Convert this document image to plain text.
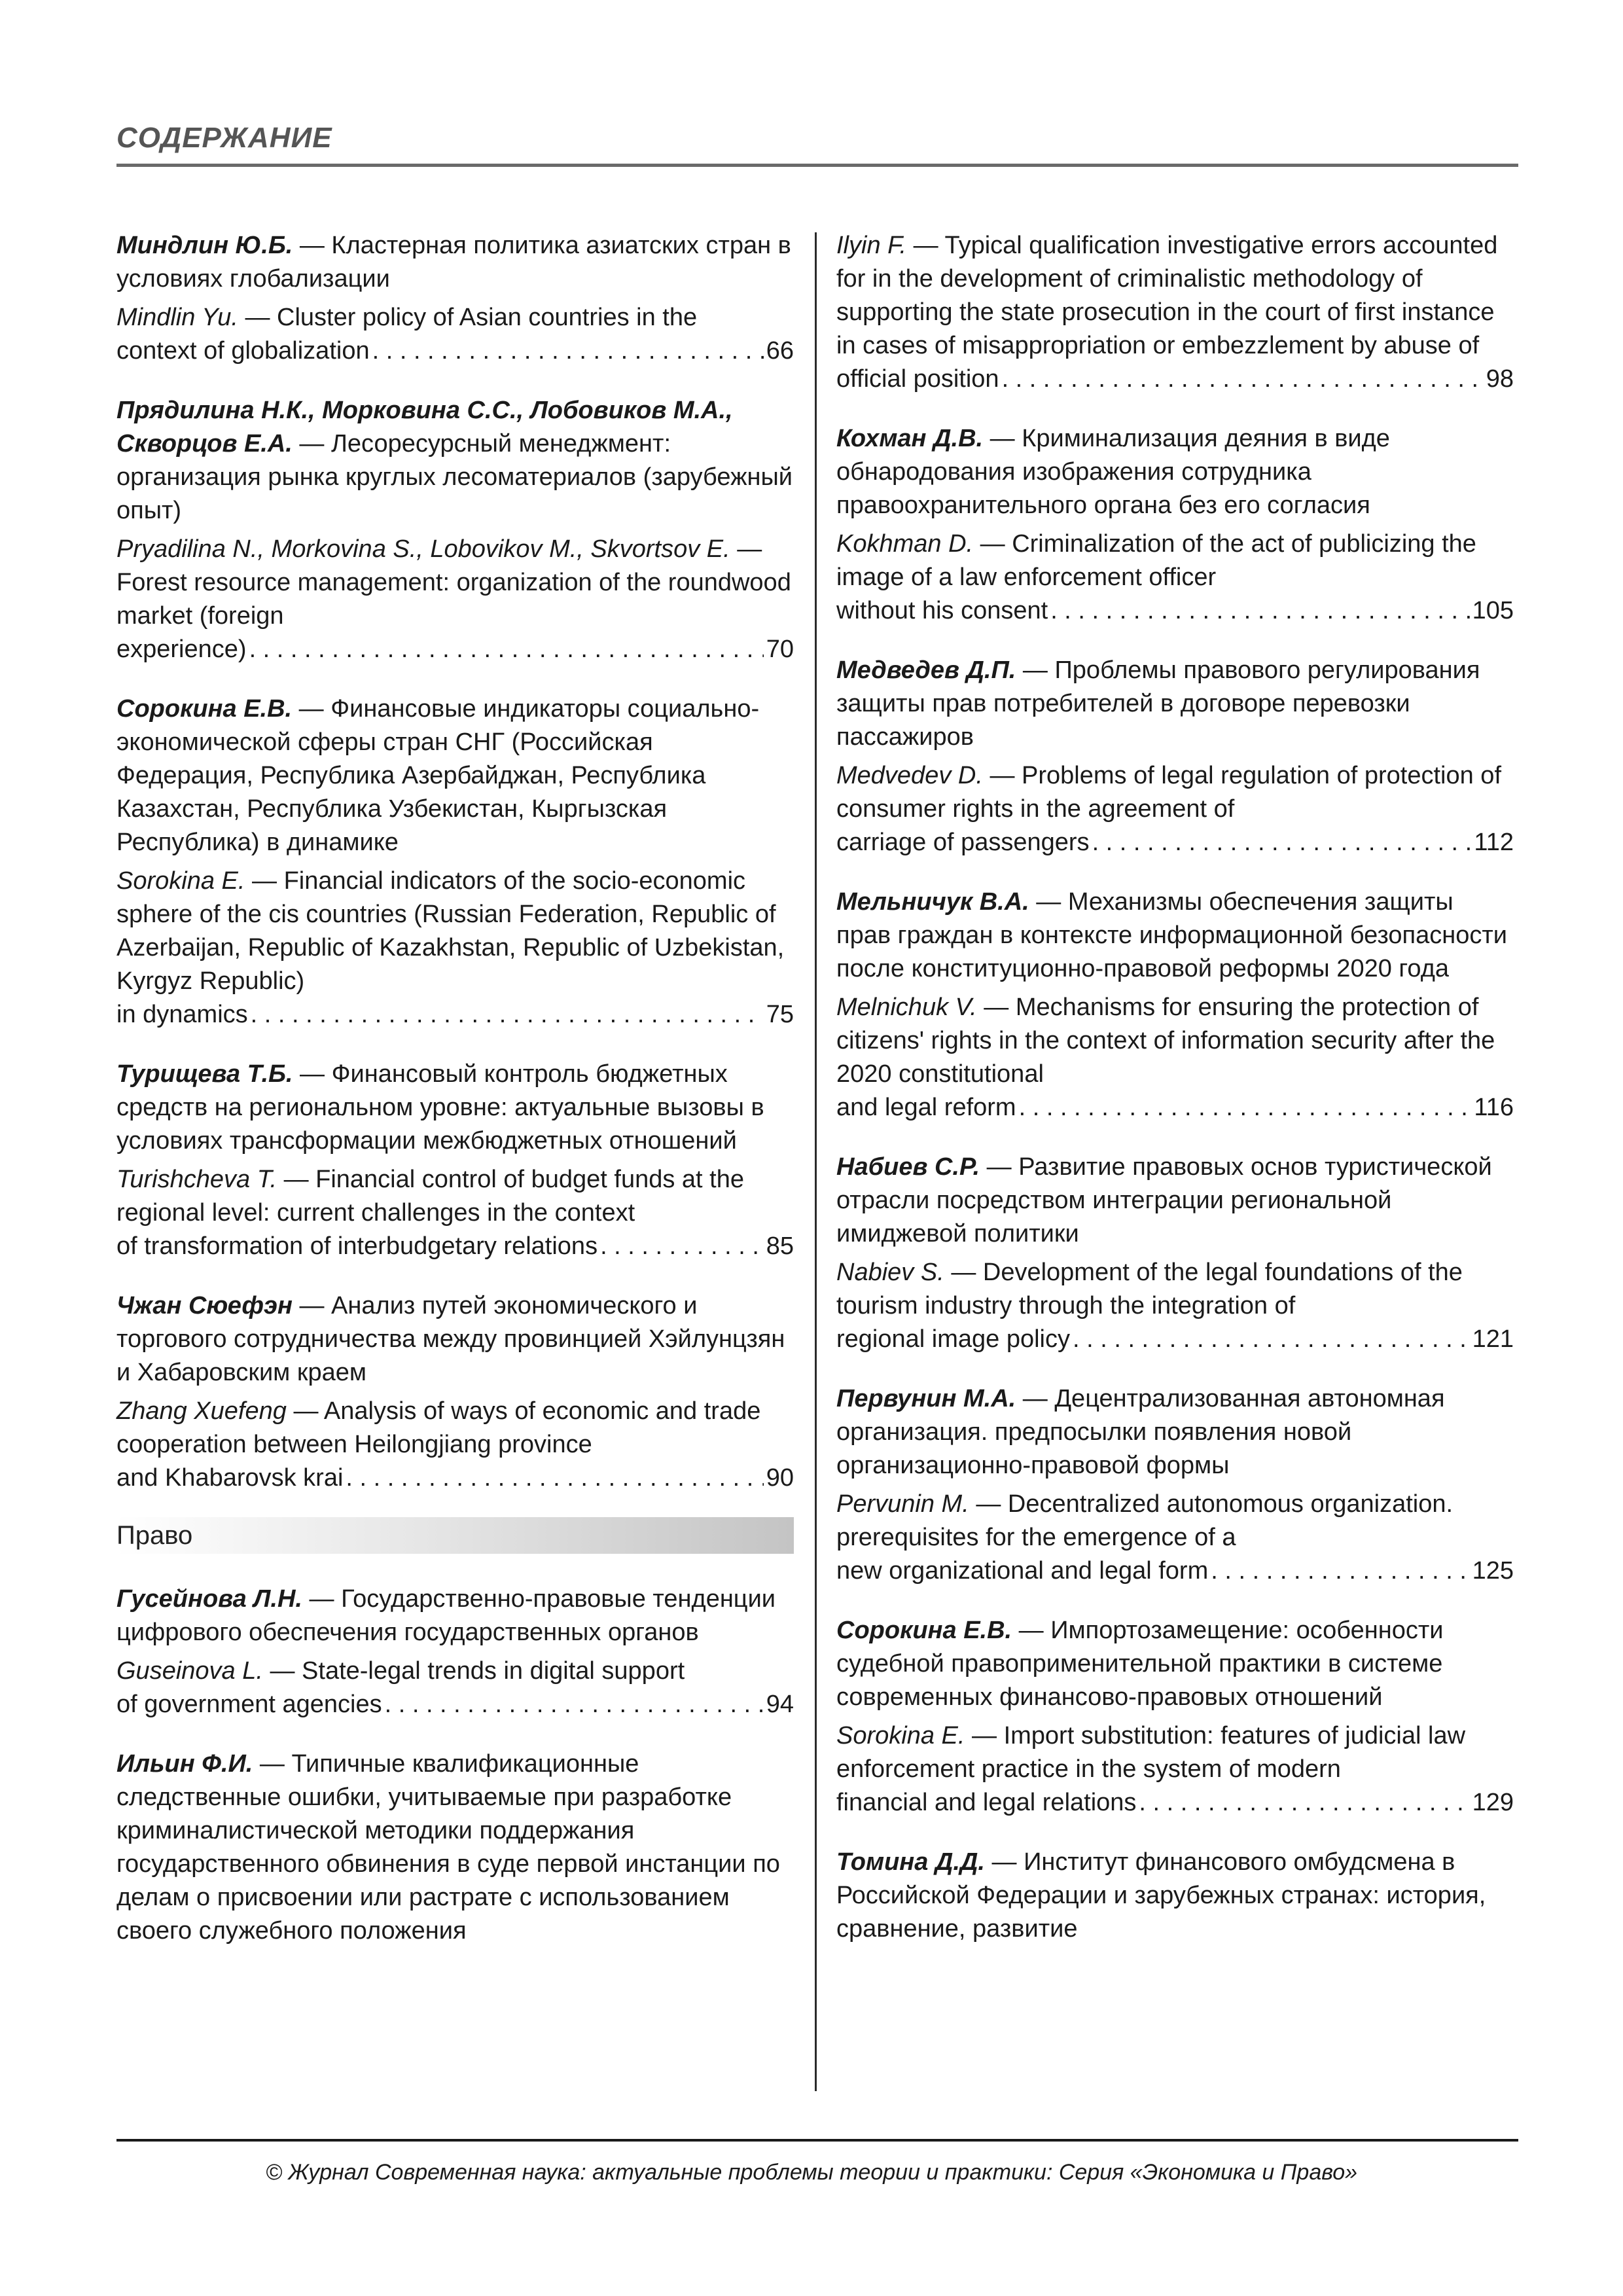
СОДЕРЖАНИЕ
Миндлин Ю.Б. — Кластерная политика азиатских стран в условиях глобализации
Mindlin Yu. — Cluster policy of Asian countries in the
context of globalization . . .	66
Прядилина Н.К., Морковина С.С., Лобовиков М.А., Скворцов Е.А. — Лесоресурсный менеджмент: организация рынка круглых лесоматериалов (зарубежный опыт)
Pryadilina N., Morkovina S., Lobovikov M., Skvortsov E. — Forest resource management: organization of the roundwood market (foreign
experience) . . .	70
Сорокина Е.В. — Финансовые индикаторы социально-экономической сферы стран СНГ (Российская Федерация, Республика Азербайджан, Республика Казахстан, Республика Узбекистан, Кыргызская Республика) в динамике
Sorokina E. — Financial indicators of the socio-economic sphere of the cis countries (Russian Federation, Republic of Azerbaijan, Republic of Kazakhstan, Republic of Uzbekistan, Kyrgyz Republic)
in dynamics . . .	75
Турищева Т.Б. — Финансовый контроль бюджетных средств на региональном уровне: актуальные вызовы в условиях трансформации межбюджетных отношений
Turishcheva T. — Financial control of budget funds at the regional level: current challenges in the context
of transformation of interbudgetary relations . . .	85
Чжан Сюефэн — Анализ путей экономического и торгового сотрудничества между провинцией Хэйлунцзян и Хабаровским краем
Zhang Xuefeng — Analysis of ways of economic and trade cooperation between Heilongjiang province
and Khabarovsk krai . . .	90
Право
Гусейнова Л.Н. — Государственно-правовые тенденции цифрового обеспечения государственных органов
Guseinova L. — State-legal trends in digital support
of government agencies . . .	94
Ильин Ф.И. — Типичные квалификационные следственные ошибки, учитываемые при разработке криминалистической методики поддержания государственного обвинения в суде первой инстанции по делам о присвоении или растрате с использованием своего служебного положения
Ilyin F. — Typical qualification investigative errors accounted for in the development of criminalistic methodology of supporting the state prosecution in the court of first instance in cases of misappropriation or embezzlement by abuse of
official position . . .	98
Кохман Д.В. — Криминализация деяния в виде обнародования изображения сотрудника правоохранительного органа без его согласия
Kokhman D. — Criminalization of the act of publicizing the image of a law enforcement officer
without his consent . . .	105
Медведев Д.П. — Проблемы правового регулирования защиты прав потребителей в договоре перевозки пассажиров
Medvedev D. — Problems of legal regulation of protection of consumer rights in the agreement of
carriage of passengers . . .	112
Мельничук В.А. — Механизмы обеспечения защиты прав граждан в контексте информационной безопасности после конституционно-правовой реформы 2020 года
Melnichuk V. — Mechanisms for ensuring the protection of citizens' rights in the context of information security after the 2020 constitutional
and legal reform . . .	116
Набиев С.Р. — Развитие правовых основ туристической отрасли посредством интеграции региональной имиджевой политики
Nabiev S. — Development of the legal foundations of the tourism industry through the integration of
regional image policy . . .	121
Первунин М.А. — Децентрализованная автономная организация. предпосылки появления новой организационно-правовой формы
Pervunin M. — Decentralized autonomous organization. prerequisites for the emergence of a
new organizational and legal form . . .	125
Сорокина Е.В. — Импортозамещение: особенности судебной правоприменительной практики в системе современных финансово-правовых отношений
Sorokina E. — Import substitution: features of judicial law enforcement practice in the system of modern
financial and legal relations . . .	129
Томина Д.Д. — Институт финансового омбудсмена в Российской Федерации и зарубежных странах: история, сравнение, развитие
© Журнал Современная наука: актуальные проблемы теории и практики: Серия «Экономика и Право»
